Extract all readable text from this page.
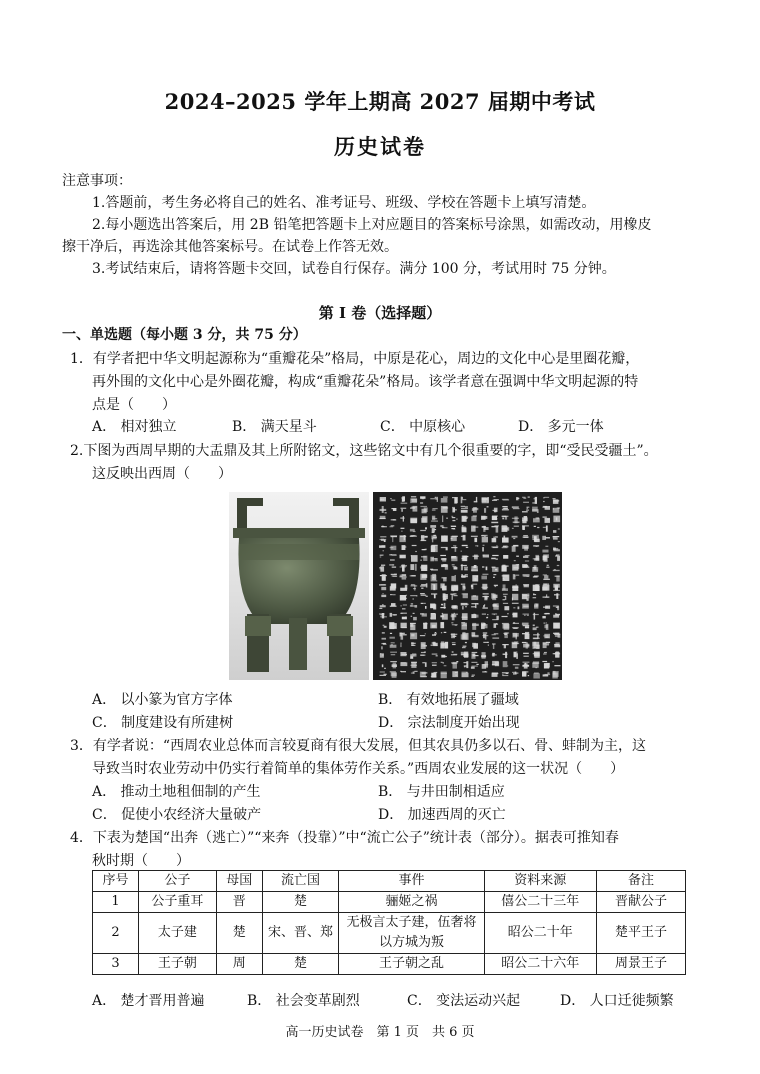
2024–2025 学年上期高 2027 届期中考试
历史试卷
注意事项：
1.答题前，考生务必将自己的姓名、准考证号、班级、学校在答题卡上填写清楚。
2.每小题选出答案后，用 2B 铅笔把答题卡上对应题目的答案标号涂黑，如需改动，用橡皮
擦干净后，再选涂其他答案标号。在试卷上作答无效。
3.考试结束后，请将答题卡交回，试卷自行保存。满分 100 分，考试用时 75 分钟。
第 I 卷（选择题）
一、单选题（每小题 3 分，共 75 分）
1．有学者把中华文明起源称为“重瓣花朵”格局，中原是花心，周边的文化中心是里圈花瓣，
再外围的文化中心是外圈花瓣，构成“重瓣花朵”格局。该学者意在强调中华文明起源的特
点是（　　）
A． 相对独立	B． 满天星斗	C． 中原核心	D． 多元一体
2.下图为西周早期的大盂鼎及其上所附铭文，这些铭文中有几个很重要的字，即“受民受疆土”。
这反映出西周（　　）
A． 以小篆为官方字体	B． 有效地拓展了疆域
C． 制度建设有所建树	D． 宗法制度开始出现
3．有学者说：“西周农业总体而言较夏商有很大发展，但其农具仍多以石、骨、蚌制为主，这
导致当时农业劳动中仍实行着简单的集体劳作关系。”西周农业发展的这一状况（　　）
A． 推动土地租佃制的产生	B． 与井田制相适应
C． 促使小农经济大量破产	D． 加速西周的灭亡
4．下表为楚国“出奔（逃亡）”“来奔（投靠）”中“流亡公子”统计表（部分）。据表可推知春
秋时期（　　）
序号	公子	母国	流亡国	事件	资料来源	备注
1	公子重耳	晋	楚	骊姬之祸	僖公二十三年	晋献公子
2	太子建	楚	宋、晋、郑	无极言太子建，伍奢将以方城为叛	昭公二十年	楚平王子
3	王子朝	周	楚	王子朝之乱	昭公二十六年	周景王子
A． 楚才晋用普遍	B． 社会变革剧烈	C． 变法运动兴起	D． 人口迁徙频繁
高一历史试卷　第 1 页　共 6 页
